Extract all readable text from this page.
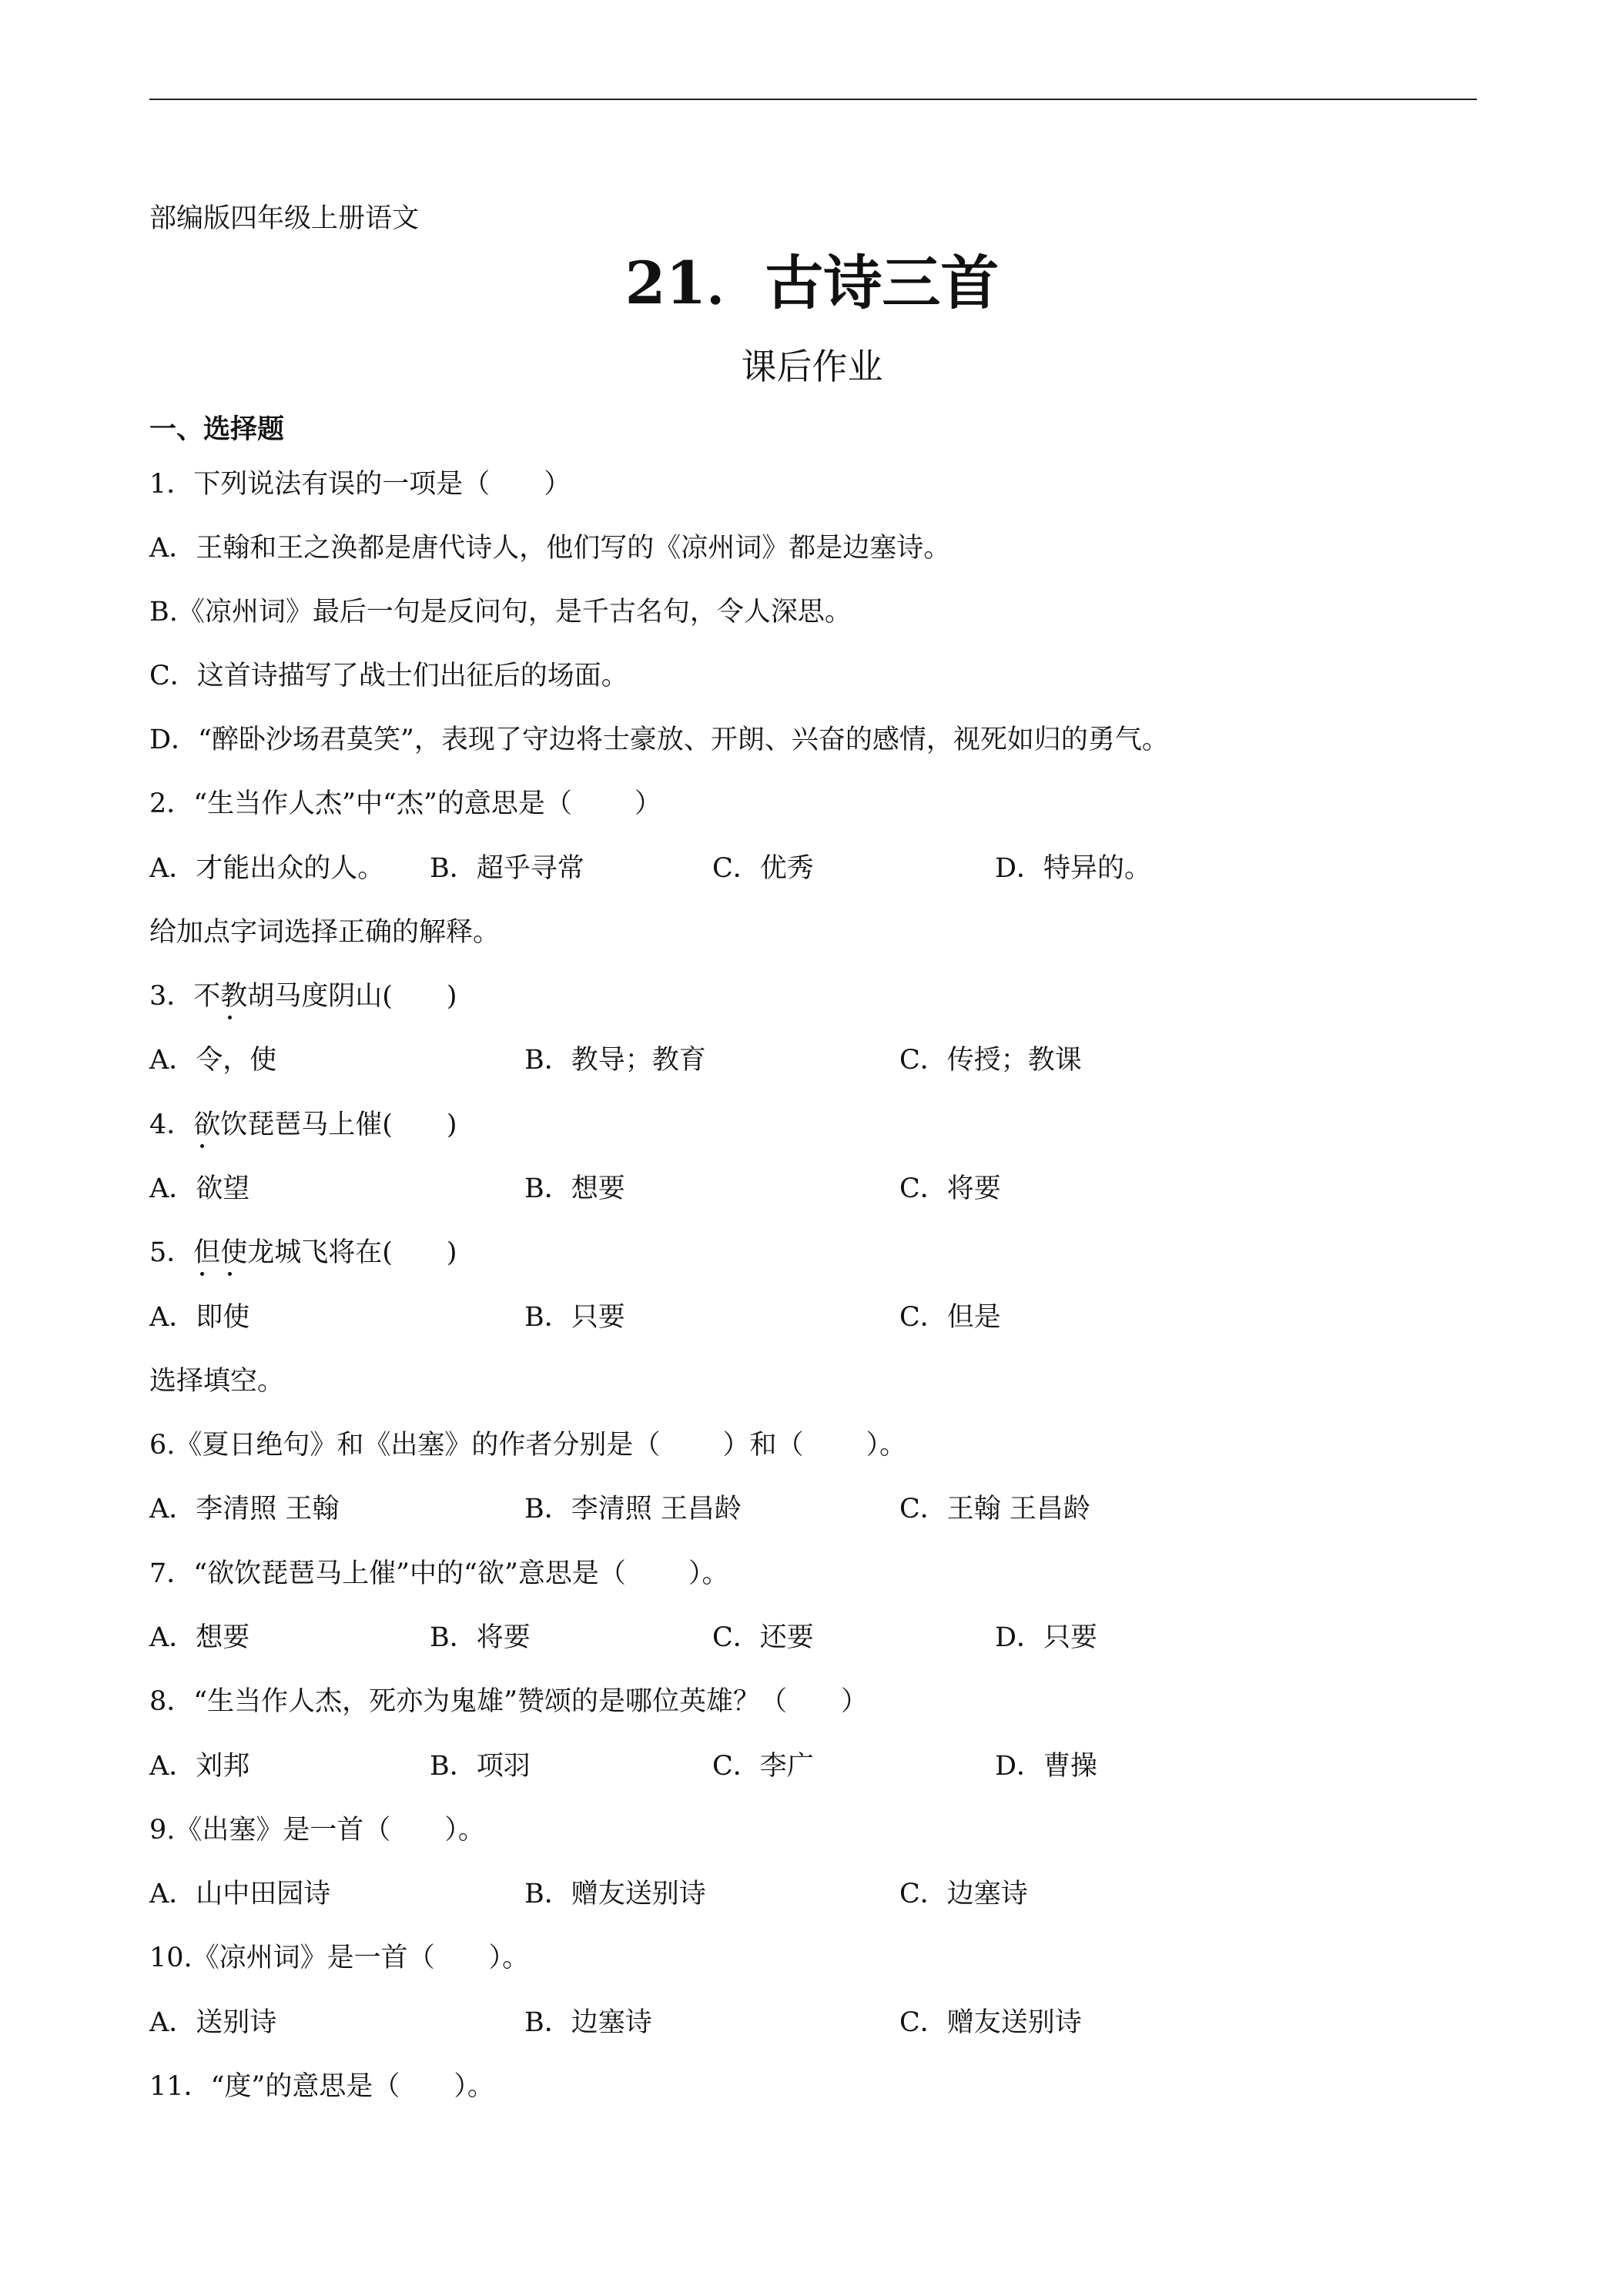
部编版四年级上册语文
21．古诗三首
课后作业
一、选择题
1．下列说法有误的一项是（　　）
A．王翰和王之涣都是唐代诗人，他们写的《凉州词》都是边塞诗。
B.《凉州词》最后一句是反问句，是千古名句，令人深思。
C．这首诗描写了战士们出征后的场面。
D．“醉卧沙场君莫笑”，表现了守边将士豪放、开朗、兴奋的感情，视死如归的勇气。
2．“生当作人杰”中“杰”的意思是（　　 ）
A．才能出众的人。 B．超乎寻常	C．优秀	D．特异的。
给加点字词选择正确的解释。
3．不教胡马度阴山(　　)
A．令，使	B．教导；教育	C．传授；教课
4．欲饮琵琶马上催(　　)
A．欲望	B．想要	C．将要
5．但使龙城飞将在(　　)
A．即使	B．只要	C．但是
选择填空。
6.《夏日绝句》和《出塞》的作者分别是（　　 ）和（　　 ）。
A．李清照 王翰	B．李清照 王昌龄	C．王翰 王昌龄
7．“欲饮琵琶马上催”中的“欲”意思是（　　 ）。
A．想要	B．将要	C．还要	D．只要
8．“生当作人杰，死亦为鬼雄”赞颂的是哪位英雄？（　　）
A．刘邦	B．项羽	C．李广	D．曹操
9.《出塞》是一首（　　）。
A．山中田园诗	B．赠友送别诗	C．边塞诗
10.《凉州词》是一首（　　）。
A．送别诗	B．边塞诗	C．赠友送别诗
11．“度”的意思是（　　）。
